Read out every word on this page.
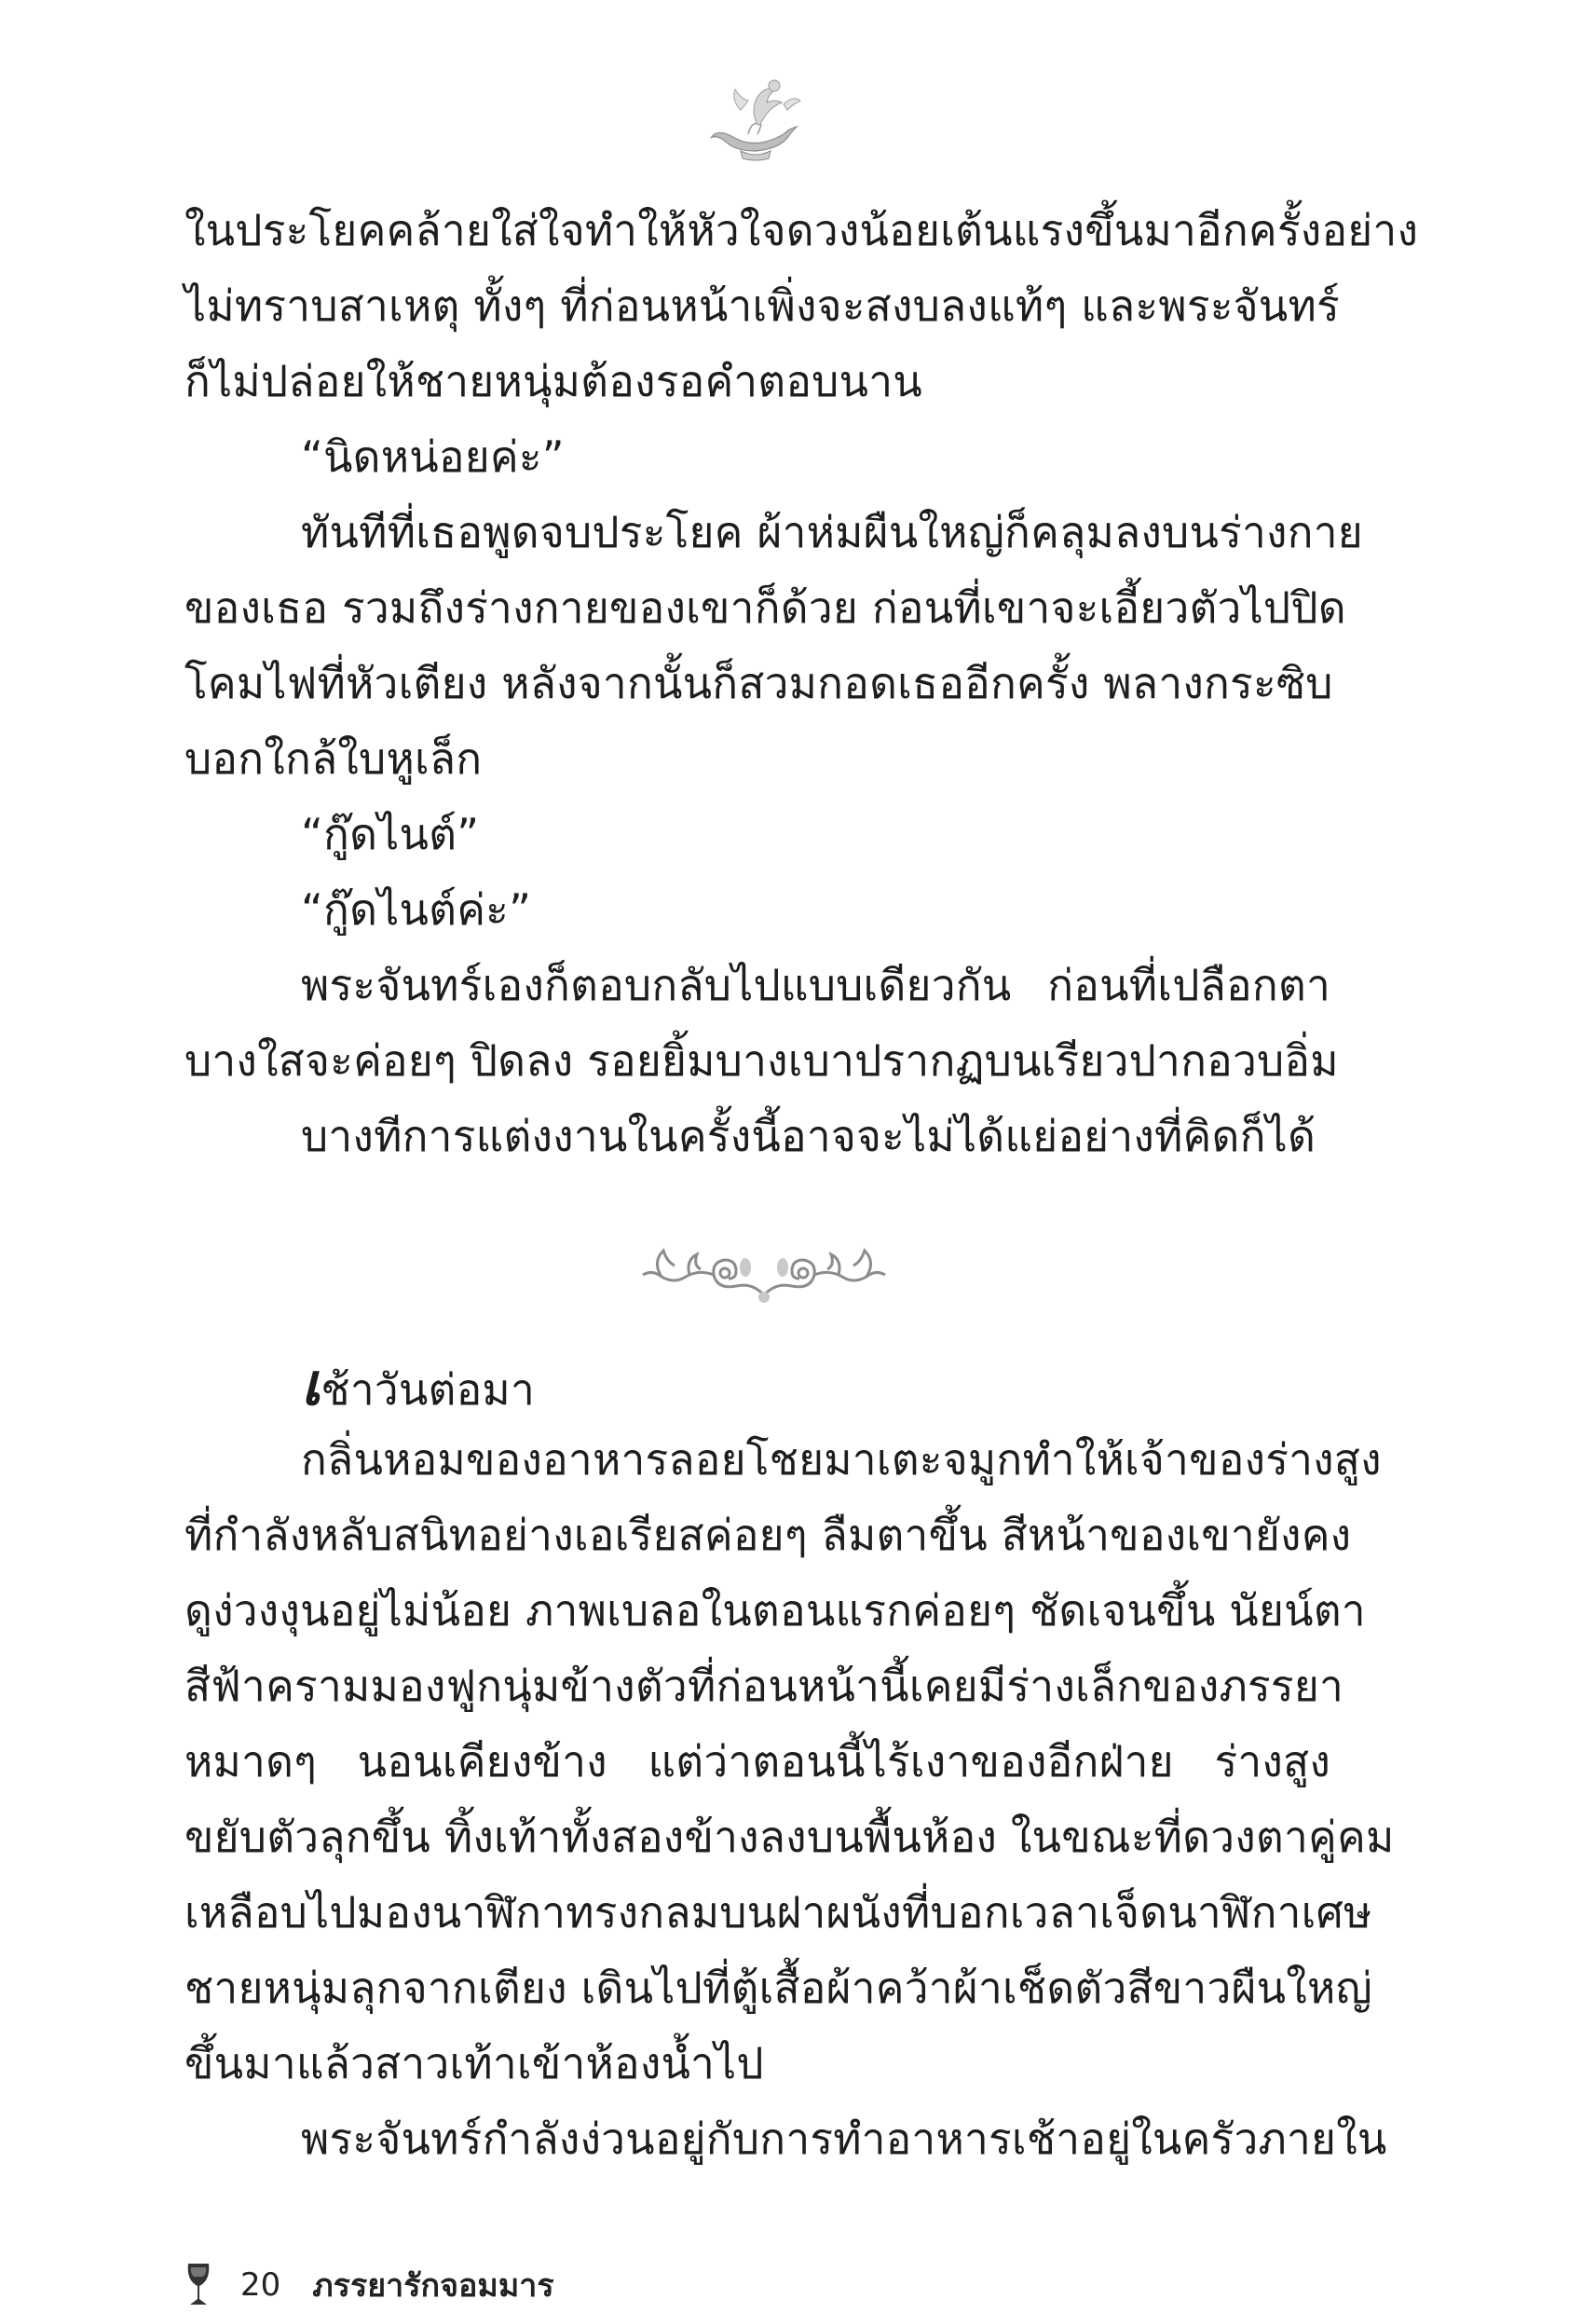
ในประโยคคล้ายใส่ใจทำให้หัวใจดวงน้อยเต้นแรงขึ้นมาอีกครั้งอย่าง
ไม่ทราบสาเหตุ ทั้งๆ ที่ก่อนหน้าเพิ่งจะสงบลงแท้ๆ และพระจันทร์
ก็ไม่ปล่อยให้ชายหนุ่มต้องรอคำตอบนาน
“นิดหน่อยค่ะ”
ทันทีที่เธอพูดจบประโยค ผ้าห่มผืนใหญ่ก็คลุมลงบนร่างกาย
ของเธอ รวมถึงร่างกายของเขาก็ด้วย ก่อนที่เขาจะเอี้ยวตัวไปปิด
โคมไฟที่หัวเตียง หลังจากนั้นก็สวมกอดเธออีกครั้ง พลางกระซิบ
บอกใกล้ใบหูเล็ก
“กู๊ดไนต์”
“กู๊ดไนต์ค่ะ”
พระจันทร์เองก็ตอบกลับไปแบบเดียวกัน ก่อนที่เปลือกตา
บางใสจะค่อยๆ ปิดลง รอยยิ้มบางเบาปรากฏบนเรียวปากอวบอิ่ม
บางทีการแต่งงานในครั้งนี้อาจจะไม่ได้แย่อย่างที่คิดก็ได้
เช้าวันต่อมา
กลิ่นหอมของอาหารลอยโชยมาเตะจมูกทำให้เจ้าของร่างสูง
ที่กำลังหลับสนิทอย่างเอเรียสค่อยๆ ลืมตาขึ้น สีหน้าของเขายังคง
ดูง่วงงุนอยู่ไม่น้อย ภาพเบลอในตอนแรกค่อยๆ ชัดเจนขึ้น นัยน์ตา
สีฟ้าครามมองฟูกนุ่มข้างตัวที่ก่อนหน้านี้เคยมีร่างเล็กของภรรยา
หมาดๆ นอนเคียงข้าง แต่ว่าตอนนี้ไร้เงาของอีกฝ่าย ร่างสูง
ขยับตัวลุกขึ้น ทิ้งเท้าทั้งสองข้างลงบนพื้นห้อง ในขณะที่ดวงตาคู่คม
เหลือบไปมองนาฬิกาทรงกลมบนฝาผนังที่บอกเวลาเจ็ดนาฬิกาเศษ
ชายหนุ่มลุกจากเตียง เดินไปที่ตู้เสื้อผ้าคว้าผ้าเช็ดตัวสีขาวผืนใหญ่
ขึ้นมาแล้วสาวเท้าเข้าห้องน้ำไป
พระจันทร์กำลังง่วนอยู่กับการทำอาหารเช้าอยู่ในครัวภายใน
20 ภรรยารักจอมมาร
